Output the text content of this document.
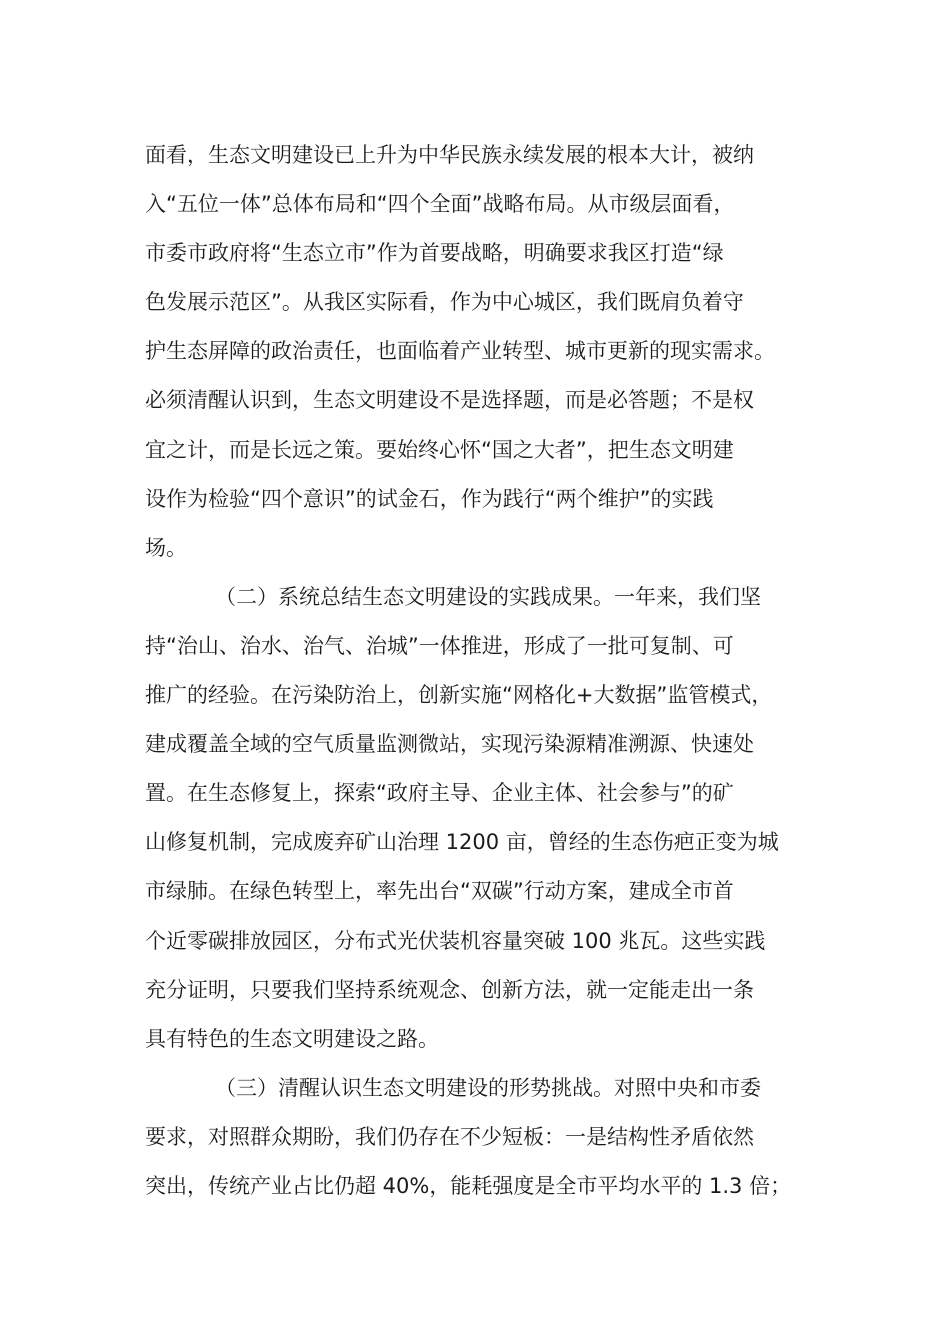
面看，生态文明建设已上升为中华民族永续发展的根本大计，被纳
入“五位一体”总体布局和“四个全面”战略布局。从市级层面看，
市委市政府将“生态立市”作为首要战略，明确要求我区打造“绿
色发展示范区”。从我区实际看，作为中心城区，我们既肩负着守
护生态屏障的政治责任，也面临着产业转型、城市更新的现实需求。
必须清醒认识到，生态文明建设不是选择题，而是必答题；不是权
宜之计，而是长远之策。要始终心怀“国之大者”，把生态文明建
设作为检验“四个意识”的试金石，作为践行“两个维护”的实践
场。
（二）系统总结生态文明建设的实践成果。一年来，我们坚
持“治山、治水、治气、治城”一体推进，形成了一批可复制、可
推广的经验。在污染防治上，创新实施“网格化+大数据”监管模式，
建成覆盖全域的空气质量监测微站，实现污染源精准溯源、快速处
置。在生态修复上，探索“政府主导、企业主体、社会参与”的矿
山修复机制，完成废弃矿山治理 1200 亩，曾经的生态伤疤正变为城
市绿肺。在绿色转型上，率先出台“双碳”行动方案，建成全市首
个近零碳排放园区，分布式光伏装机容量突破 100 兆瓦。这些实践
充分证明，只要我们坚持系统观念、创新方法，就一定能走出一条
具有特色的生态文明建设之路。
（三）清醒认识生态文明建设的形势挑战。对照中央和市委
要求，对照群众期盼，我们仍存在不少短板：一是结构性矛盾依然
突出，传统产业占比仍超 40%，能耗强度是全市平均水平的 1.3 倍；
